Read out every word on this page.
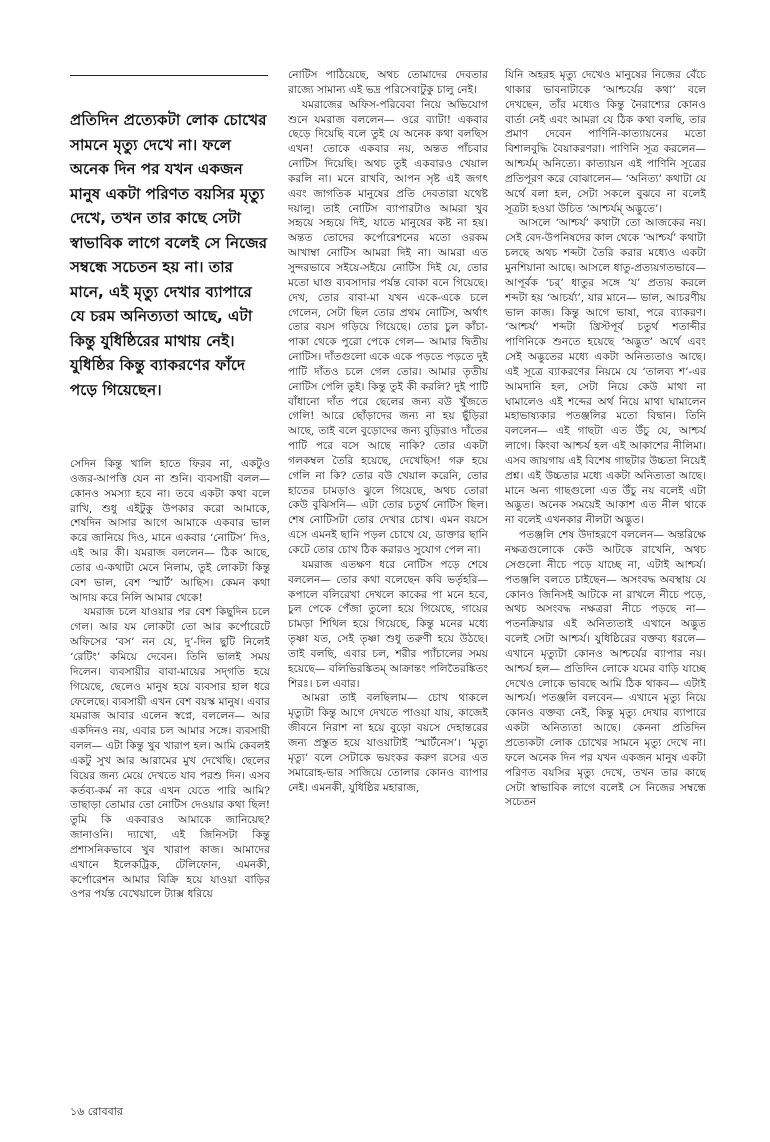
প্রতিদিন প্রত্যেকটা লোক চোখের সামনে মৃত্যু দেখে না। ফলে অনেক দিন পর যখন একজন মানুষ একটা পরিণত বয়সির মৃত্যু দেখে, তখন তার কাছে সেটা স্বাভাবিক লাগে বলেই সে নিজের সম্বন্ধে সচেতন হয় না। তার মানে, এই মৃত্যু দেখার ব্যাপারে যে চরম অনিত্যতা আছে, এটা কিন্তু যুধিষ্ঠিরের মাথায় নেই। যুধিষ্ঠির কিন্তু ব্যাকরণের ফাঁদে পড়ে গিয়েছেন।

সেদিন কিন্তু খালি হাতে ফিরব না, একটুও ওজর-আপত্তি যেন না শুনি। ব্যবসায়ী বলল— কোনও সমস্যা হবে না। তবে একটা কথা বলে রাখি, শুধু এইটুকু উপকার করো আমাকে, শেষদিন আসার আগে আমাকে একবার ভাল করে জানিয়ে দিও, মানে একবার ‘নোটিস’ দিও, এই আর কী। যমরাজ বললেন— ঠিক আছে, তোর এ-কথাটা মেনে নিলাম, তুই লোকটা কিন্তু বেশ ভাল, বেশ ‘স্মার্ট’ আছিস। কেমন কথা আদায় করে নিলি আমার থেকে!

যমরাজ চলে যাওয়ার পর বেশ কিছুদিন চলে গেল। আর যম লোকটা তো আর কর্পোরেটে অফিসের ‘বস’ নন যে, দু’-দিন ছুটি নিলেই ‘রেটিং’ কমিয়ে দেবেন। তিনি ভালই সময় দিলেন। ব্যবসায়ীর বাবা-মায়ের সদ্‌গতি হয়ে গিয়েছে, ছেলেও মানুষ হয়ে ব্যবসার হাল ধরে ফেলেছে। ব্যবসায়ী এখন বেশ বয়স্ক মানুষ। এবার যমরাজ আবার এলেন স্বপ্নে, বললেন— আর একদিনও নয়, এবার চল আমার সঙ্গে। ব্যবসায়ী বলল— এটা কিন্তু খুব খারাপ হল। আমি কেবলই একটু সুখ আর আরামের মুখ দেখেছি। ছেলের বিয়ের জন্য মেয়ে দেখতে যাব পরশু দিন। এসব কর্তব্য-কর্ম না করে এখন যেতে পারি আমি? তাছাড়া তোমার তো নোটিস দেওয়ার কথা ছিল! তুমি কি একবারও আমাকে জানিয়েছ? জানাওনি। দ্যাখো, এই জিনিসটা কিন্তু প্রশাসনিকভাবে খুব খারাপ কাজ। আমাদের এখানে ইলেকট্রিক, টেলিফোন, এমনকী, কর্পোরেশন আমার বিক্রি হয়ে যাওয়া বাড়ির ওপর পর্যন্ত বেখেয়ালে ট্যাক্স ধরিয়ে

নোটিস পাঠিয়েছে, অথচ তোমাদের দেবতার রাজ্যে সামান্য এই ভদ্র পরিসেবাটুকু চালু নেই।

যমরাজের অফিস-পরিবেবা নিয়ে অভিযোগ শুনে যমরাজ বললেন— ওরে ব্যাটা! একবার ছেড়ে দিয়েছি বলে তুই যে অনেক কথা বলছিস এখন! তোকে একবার নয়, অন্তত পাঁচবার নোটিস দিয়েছি। অথচ তুই একবারও খেয়াল করলি না। মনে রাখবি, আপন সৃষ্ট এই জগৎ এবং জাগতিক মানুষের প্রতি দেবতারা যথেষ্ট দয়ালু। তাই নোটিস ব্যাপারটাও আমরা খুব সহৃয়ে সহৃয়ে দিই, যাতে মানুষের কষ্ট না হয়। অন্তত তোদের কর্পোরেশনের মতো ওরকম আখাম্বা নোটিস আমরা দিই না। আমরা এত সুন্দরভাবে সইয়ে-সইয়ে নোটিস দিই যে, তোর মতো ঘাগু ব্যবসাদার পর্যন্ত বোকা বনে গিয়েছে। দেখ, তোর বাবা-মা যখন একে-একে চলে গেলেন, সেটা ছিল তোর প্রথম নোটিস, অর্থাৎ তোর বয়স গড়িয়ে গিয়েছে। তোর চুল কাঁচা-পাকা থেকে পুরো পেকে গেল— আমার দ্বিতীয় নোটিস। দাঁতগুলো একে একে পড়তে পড়তে দুই পাটি দাঁতও চলে গেল তোর। আমার তৃতীয় নোটিস পেলি তুই। কিন্তু তুই কী করলি? দুই পাটি বাঁধানো দাঁত পরে ছেলের জন্য বউ খুঁজতে গেলি! আরে ছোঁড়াদের জন্য না হয় ছুঁড়িরা আছে, তাই বলে বুড়োদের জন্য বুড়িরাও দাঁতের পাটি পরে বসে আছে নাকি? তোর একটা গলকম্বল তৈরি হয়েছে, দেখেছিস! গরু হয়ে গেলি না কি? তোর বউ খেয়াল করেনি, তোর হাতের চামড়াও ঝুলে গিয়েছে, অথচ তোরা কেউ বুঝিসনি— এটা তোর চতুর্থ নোটিস ছিল। শেষ নোটিসটা তোর দেখার চোখ। এমন বয়সে এসে এমনই ছানি পড়ল চোখে যে, ডাক্তার ছানি কেটে তোর চোখ ঠিক করারও সুযোগ পেল না।

যমরাজ এতক্ষণ ধরে নোটিস পড়ে শেষে বললেন— তোর কথা বলেছেন কবি ভর্তৃহরি— কপালে বলিরেখা দেখলে কাকের পা মনে হবে, চুল পেকে পেঁজা তুলো হয়ে গিয়েছে, গায়ের চামড়া শিথিল হয়ে গিয়েছে, কিন্তু মনের মধ্যে তৃষ্ণা যত, সেই তৃষ্ণা শুধু তরুণী হয়ে উঠছে। তাই বলছি, এবার চল, শরীর প্যাঁচালের সময় হয়েছে— বলিভিরঙ্কিতম্ আক্রান্তং পলিতৈরঙ্কিতং শিরঃ। চল এবার।

আমরা তাই বলছিলাম— চোখ থাকলে মৃত্যুটা কিন্তু আগে দেখতে পাওয়া যায়, কাজেই জীবনে নিরাশ না হয়ে বুড়ো বয়সে দেহান্তরের জন্য প্রস্তুত হয়ে যাওয়াটাই ‘স্মার্টনেস’। ‘মৃত্যু মৃত্যু’ বলে সেটাকে ভয়ংকর করুণ রসের এত সমারোহ-ভার সাজিয়ে তোলার কোনও ব্যাপার নেই। এমনকী, যুধিষ্ঠির মহারাজ,

যিনি অহরহ মৃত্যু দেখেও মানুষের নিজের বেঁচে থাকার ভাবনাটাকে ‘আশ্চর্যের কথা’ বলে দেখছেন, তাঁর মধ্যেও কিন্তু নৈরাশ্যের কোনও বার্তা নেই এবং আমরা যে ঠিক কথা বলছি, তার প্রমাণ দেবেন পাণিনি-কাত্যায়নের মতো বিশালবুদ্ধি বৈয়াকরণরা। পাণিনি সূত্র করলেন— আশ্চর্যম্ অনিত্যে। কাত্যায়ন এই পাণিনি সূত্রের প্রতিপূরণ করে বোঝালেন— ‘অনিত্য’ কথাটা যে অর্থে বলা হল, সেটা সকলে বুঝবে না বলেই সূত্রটা হওয়া উচিত ‘আশ্চর্যম্ অদ্ভুতে’।

আসলে ‘আশ্চর্য’ কথাটা তো আজকের নয়। সেই বেদ-উপনিষদের কাল থেকে ‘আশ্চর্য’ কথাটা চলছে অথচ শব্দটা তৈরি করার মধ্যেও একটা মুনশিয়ানা আছে। আসলে ধাতু-প্রত্যয়গতভাবে— আপূর্বক ‘চর্’ ধাতুর সঙ্গে ‘য’ প্রত্যয় করলে শব্দটা হয় ‘আচর্য্য’, যার মানে— ভাল, আচরণীয় ভাল কাজ। কিন্তু আগে ভাষা, পরে ব্যাকরণ। ‘আশ্চর্য’ শব্দটা খ্রিস্টপূর্ব চতুর্থ শতাব্দীর পাণিনিকে শুনতে হয়েছে ‘অদ্ভুত’ অর্থে এবং সেই অদ্ভুতের মধ্যে একটা অনিত্যতাও আছে। এই সূত্রে ব্যাকরণের নিয়মে যে ‘তালব্য শ’-এর আমদানি হল, সেটা নিয়ে কেউ মাথা না ঘামালেও এই শব্দের অর্থ নিয়ে মাথা ঘামালেন মহাভাষ্যকার পতঞ্জলির মতো বিদ্বান। তিনি বললেন— এই গাছটা এত উঁচু যে, আশ্চর্য লাগে। কিংবা আশ্চর্য হল এই আকাশের নীলিমা। এসব জায়গায় এই বিশেষ গাছটার উচ্চতা নিয়েই প্রশ্ন। এই উচ্চতার মধ্যে একটা অনিত্যতা আছে। মানে অন্য গাছগুলো এত উঁচু নয় বলেই এটা অদ্ভুত। অনেক সময়েই আকাশ এত নীল থাকে না বলেই এখনকার নীলটা অদ্ভুত।

পতঞ্জলি শেষ উদাহরণে বললেন— অন্তরিক্ষে নক্ষত্রগুলোকে কেউ আটকে রাখেনি, অথচ সেগুলো নীচে পড়ে যাচ্ছে না, এটাই আশ্চর্য। পতঞ্জলি বলতে চাইছেন— অসংবদ্ধ অবস্থায় যে কোনও জিনিসই আটকে না রাখলে নীচে পড়ে, অথচ অসংবদ্ধ নক্ষত্ররা নীচে পড়ছে না— পতনক্রিয়ার এই অনিত্যতাই এখানে অদ্ভুত বলেই সেটা আশ্চর্য। যুধিষ্ঠিরের বক্তব্য ধরলে— এখানে মৃত্যুটা কোনও আশ্চর্যের ব্যাপার নয়। আশ্চর্য হল— প্রতিদিন লোকে যমের বাড়ি যাচ্ছে দেখেও লোকে ভাবছে আমি ঠিক থাকব— এটাই আশ্চর্য। পতঞ্জলি বলবেন— এখানে মৃত্যু নিয়ে কোনও বক্তব্য নেই, কিন্তু মৃত্যু দেখার ব্যাপারে একটা অনিত্যতা আছে। কেননা প্রতিদিন প্রত্যেকটা লোক চোখের সামনে মৃত্যু দেখে না। ফলে অনেক দিন পর যখন একজন মানুষ একটা পরিণত বয়সির মৃত্যু দেখে, তখন তার কাছে সেটা স্বাভাবিক লাগে বলেই সে নিজের সম্বন্ধে সচেতন

১৬ রোববার
